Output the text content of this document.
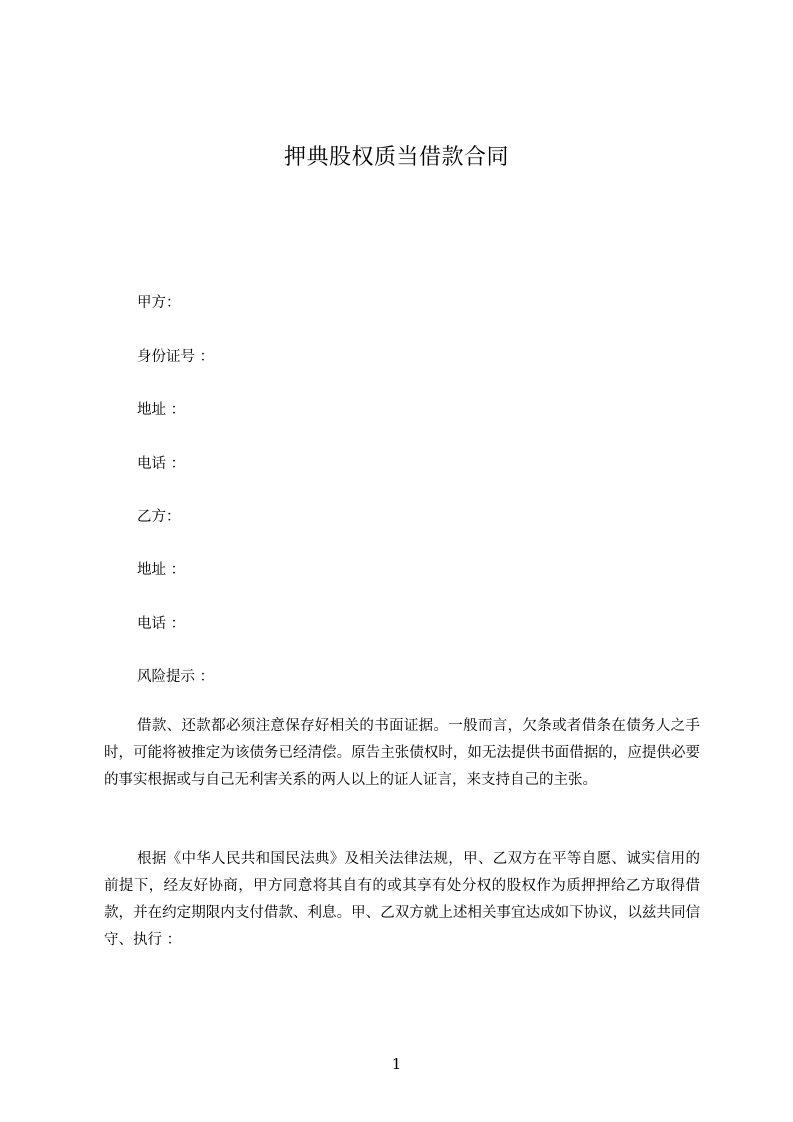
押典股权质当借款合同
甲方：
身份证号 ：
地址 ：
电话 ：
乙方：
地址 ：
电话 ：
风险提示 ：
借款、还款都必须注意保存好相关的书面证据。一般而言，欠条或者借条在债务人之手时，可能将被推定为该债务已经清偿。原告主张债权时，如无法提供书面借据的，应提供必要的事实根据或与自己无利害关系的两人以上的证人证言，来支持自己的主张。
根据《中华人民共和国民法典》及相关法律法规，甲、乙双方在平等自愿、诚实信用的前提下，经友好协商，甲方同意将其自有的或其享有处分权的股权作为质押押给乙方取得借款，并在约定期限内支付借款、利息。甲、乙双方就上述相关事宜达成如下协议，以兹共同信守、执行 ：
1
